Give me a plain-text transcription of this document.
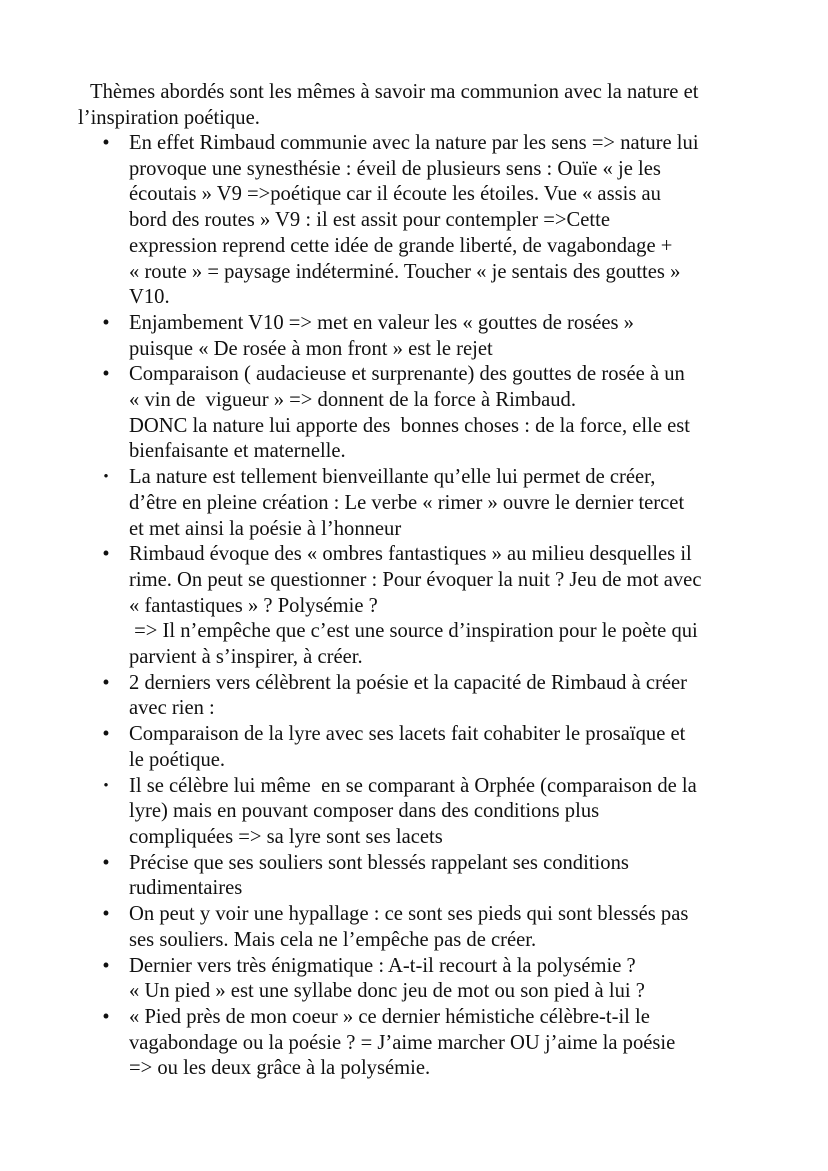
Thèmes abordés sont les mêmes à savoir ma communion avec la nature et
l’inspiration poétique.

• En effet Rimbaud communie avec la nature par les sens => nature lui
provoque une synesthésie : éveil de plusieurs sens : Ouïe « je les
écoutais » V9 =>poétique car il écoute les étoiles. Vue « assis au
bord des routes » V9 : il est assit pour contempler =>Cette
expression reprend cette idée de grande liberté, de vagabondage +
« route » = paysage indéterminé. Toucher « je sentais des gouttes »
V10.
• Enjambement V10 => met en valeur les « gouttes de rosées »
puisque « De rosée à mon front » est le rejet
• Comparaison ( audacieuse et surprenante) des gouttes de rosée à un
« vin de  vigueur » => donnent de la force à Rimbaud.
DONC la nature lui apporte des  bonnes choses : de la force, elle est
bienfaisante et maternelle.
• La nature est tellement bienveillante qu’elle lui permet de créer,
d’être en pleine création : Le verbe « rimer » ouvre le dernier tercet
et met ainsi la poésie à l’honneur
• Rimbaud évoque des « ombres fantastiques » au milieu desquelles il
rime. On peut se questionner : Pour évoquer la nuit ? Jeu de mot avec
« fantastiques » ? Polysémie ?
=> Il n’empêche que c’est une source d’inspiration pour le poète qui
parvient à s’inspirer, à créer.
• 2 derniers vers célèbrent la poésie et la capacité de Rimbaud à créer
avec rien :
• Comparaison de la lyre avec ses lacets fait cohabiter le prosaïque et
le poétique.
• Il se célèbre lui même  en se comparant à Orphée (comparaison de la
lyre) mais en pouvant composer dans des conditions plus
compliquées => sa lyre sont ses lacets
• Précise que ses souliers sont blessés rappelant ses conditions
rudimentaires
• On peut y voir une hypallage : ce sont ses pieds qui sont blessés pas
ses souliers. Mais cela ne l’empêche pas de créer.
• Dernier vers très énigmatique : A-t-il recourt à la polysémie ?
« Un pied » est une syllabe donc jeu de mot ou son pied à lui ?
• « Pied près de mon coeur » ce dernier hémistiche célèbre-t-il le
vagabondage ou la poésie ? = J’aime marcher OU j’aime la poésie
=> ou les deux grâce à la polysémie.
